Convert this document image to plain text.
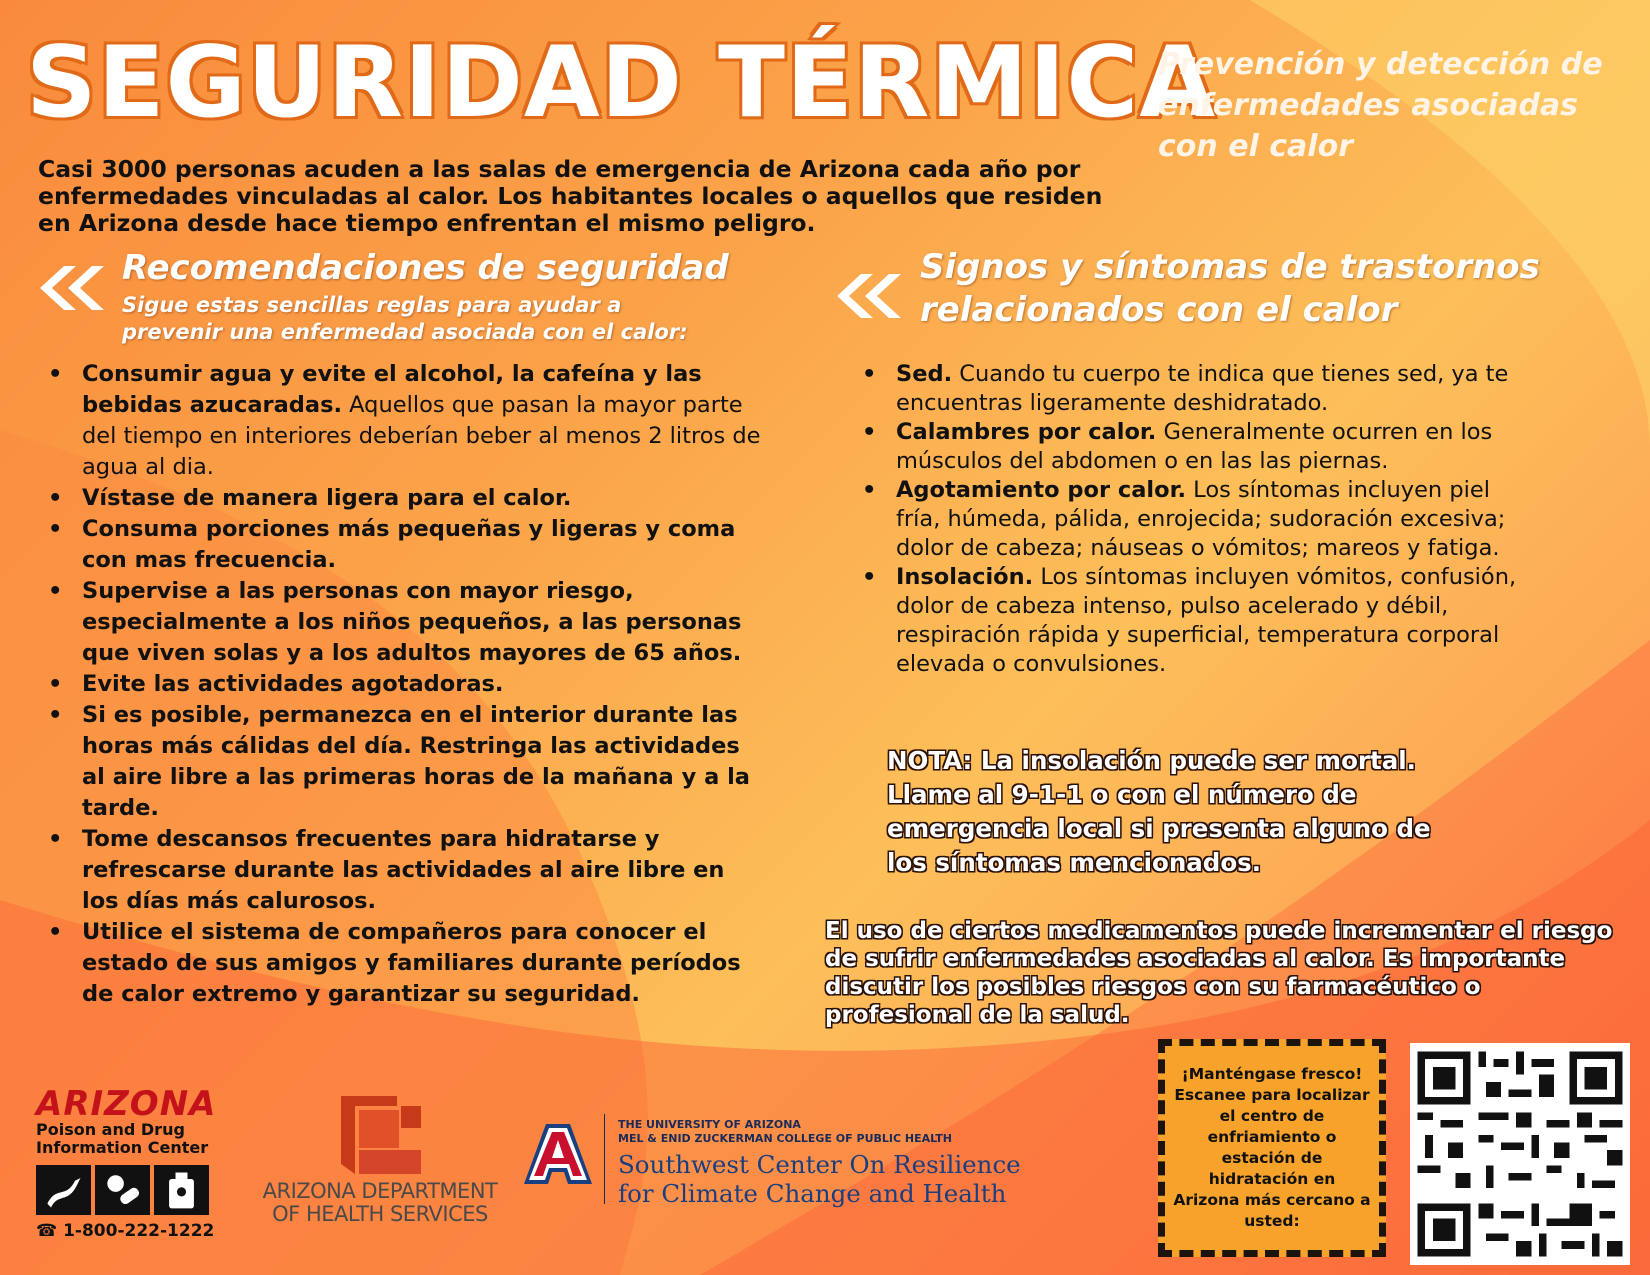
SEGURIDAD TÉRMICA
Prevención y detección de enfermedades asociadas con el calor
Casi 3000 personas acuden a las salas de emergencia de Arizona cada año por enfermedades vinculadas al calor. Los habitantes locales o aquellos que residen en Arizona desde hace tiempo enfrentan el mismo peligro.
Recomendaciones de seguridad
Sigue estas sencillas reglas para ayudar a prevenir una enfermedad asociada con el calor:
Signos y síntomas de trastornos relacionados con el calor
• Consumir agua y evite el alcohol, la cafeína y las bebidas azucaradas. Aquellos que pasan la mayor parte del tiempo en interiores deberían beber al menos 2 litros de agua al dia.
• Vístase de manera ligera para el calor.
• Consuma porciones más pequeñas y ligeras y coma con mas frecuencia.
• Supervise a las personas con mayor riesgo, especialmente a los niños pequeños, a las personas que viven solas y a los adultos mayores de 65 años.
• Evite las actividades agotadoras.
• Si es posible, permanezca en el interior durante las horas más cálidas del día. Restringa las actividades al aire libre a las primeras horas de la mañana y a la tarde.
• Tome descansos frecuentes para hidratarse y refrescarse durante las actividades al aire libre en los días más calurosos.
• Utilice el sistema de compañeros para conocer el estado de sus amigos y familiares durante períodos de calor extremo y garantizar su seguridad.
• Sed. Cuando tu cuerpo te indica que tienes sed, ya te encuentras ligeramente deshidratado.
• Calambres por calor. Generalmente ocurren en los músculos del abdomen o en las las piernas.
• Agotamiento por calor. Los síntomas incluyen piel fría, húmeda, pálida, enrojecida; sudoración excesiva; dolor de cabeza; náuseas o vómitos; mareos y fatiga.
• Insolación. Los síntomas incluyen vómitos, confusión, dolor de cabeza intenso, pulso acelerado y débil, respiración rápida y superficial, temperatura corporal elevada o convulsiones.
NOTA: La insolación puede ser mortal. Llame al 9-1-1 o con el número de emergencia local si presenta alguno de los síntomas mencionados.
El uso de ciertos medicamentos puede incrementar el riesgo de sufrir enfermedades asociadas al calor. Es importante discutir los posibles riesgos con su farmacéutico o profesional de la salud.
¡Manténgase fresco! Escanee para localizar el centro de enfriamiento o estación de hidratación en Arizona más cercano a usted:
ARIZONA
Poison and Drug Information Center
☎ 1-800-222-1222
ARIZONA DEPARTMENT OF HEALTH SERVICES
THE UNIVERSITY OF ARIZONA
MEL & ENID ZUCKERMAN COLLEGE OF PUBLIC HEALTH
Southwest Center On Resilience
for Climate Change and Health
